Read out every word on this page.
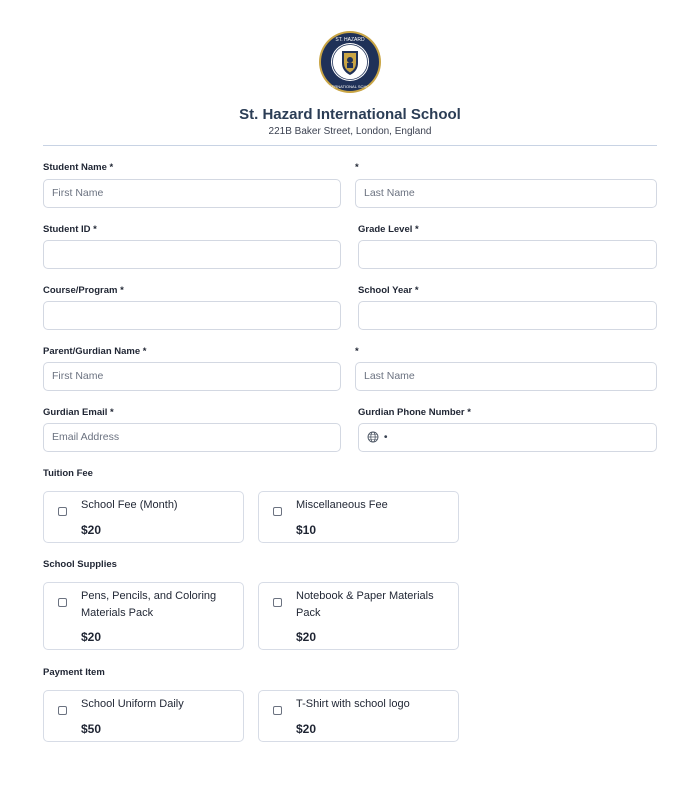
ST. HAZARD
INTERNATIONAL SCHOOL
St. Hazard International School
221B Baker Street, London, England
Student Name *	*
First Name	Last Name
Student ID *	Grade Level *
Course/Program *	School Year *
Parent/Gurdian Name *	*
First Name	Last Name
Gurdian Email *	Gurdian Phone Number *
Email Address	•
Tuition Fee
School Fee (Month)
$20
Miscellaneous Fee
$10
School Supplies
Pens, Pencils, and Coloring Materials Pack
$20
Notebook & Paper Materials Pack
$20
Payment Item
School Uniform Daily
$50
T-Shirt with school logo
$20
